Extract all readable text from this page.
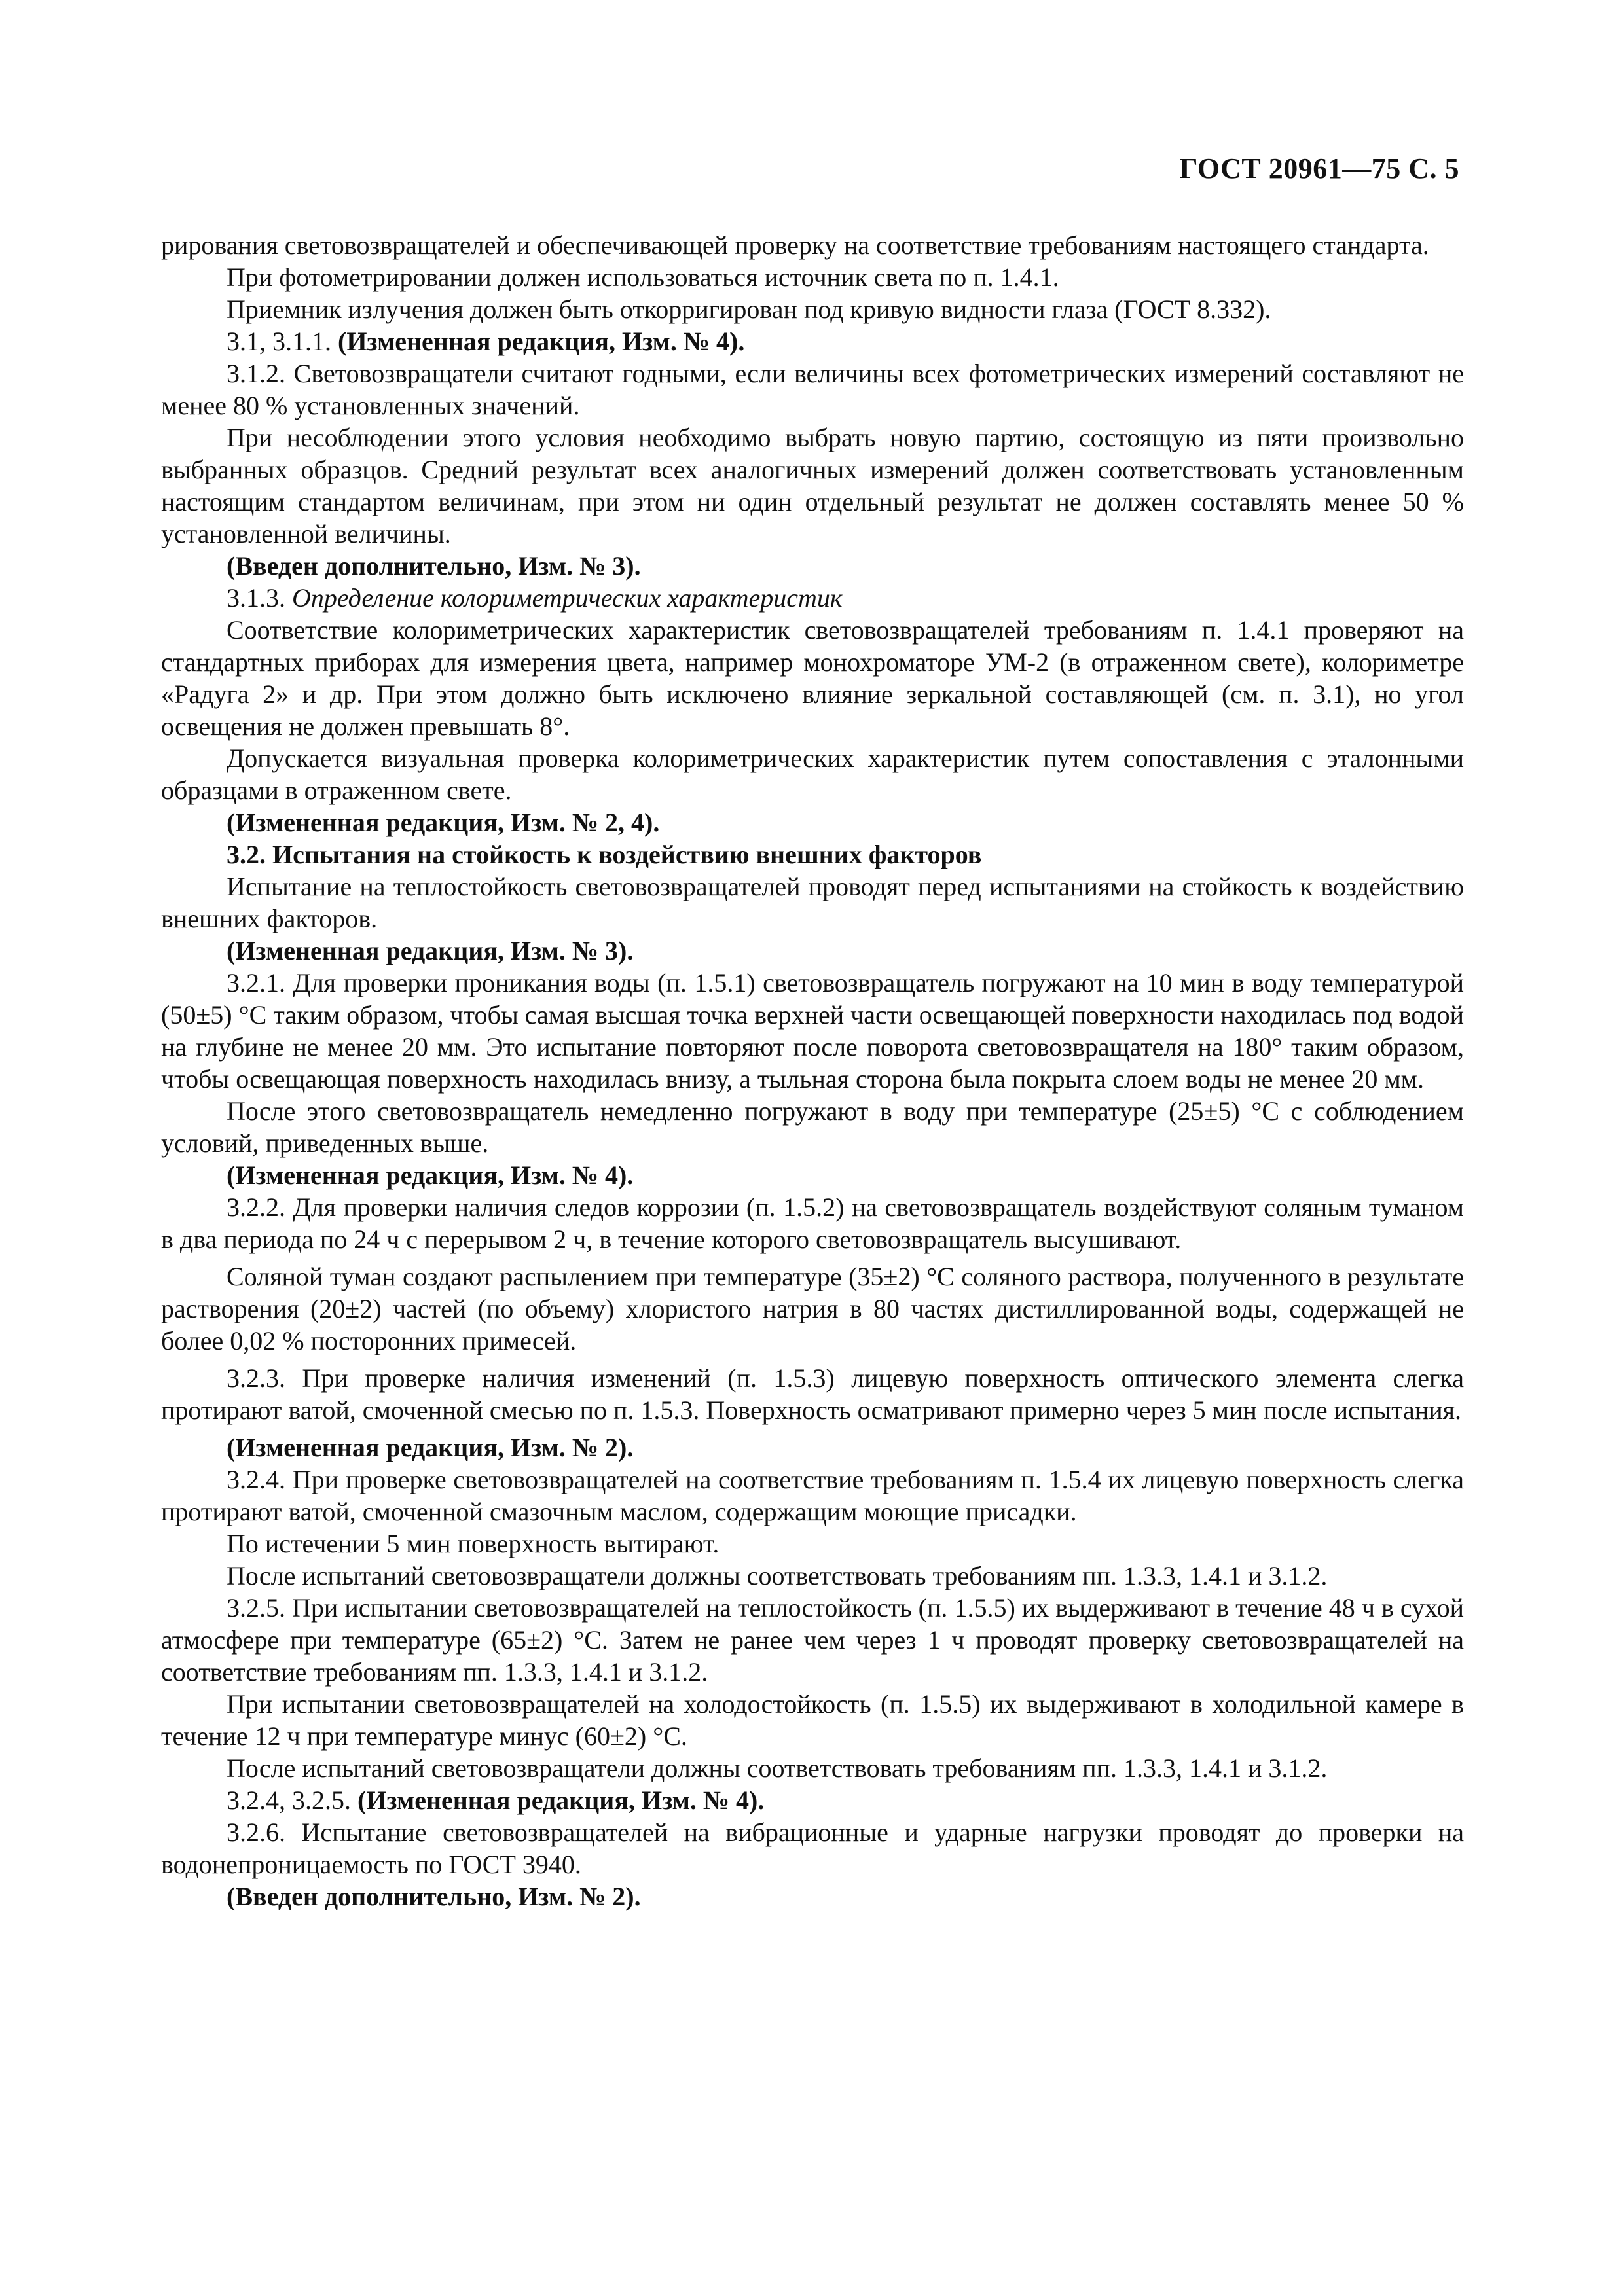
ГОСТ 20961—75 С. 5

рирования световозвращателей и обеспечивающей проверку на соответствие требованиям настоящего стандарта.

При фотометрировании должен использоваться источник света по п. 1.4.1.

Приемник излучения должен быть откорригирован под кривую видности глаза (ГОСТ 8.332).

3.1, 3.1.1. (Измененная редакция, Изм. № 4).

3.1.2. Световозвращатели считают годными, если величины всех фотометрических измерений составляют не менее 80 % установленных значений.

При несоблюдении этого условия необходимо выбрать новую партию, состоящую из пяти произвольно выбранных образцов. Средний результат всех аналогичных измерений должен соответствовать установленным настоящим стандартом величинам, при этом ни один отдельный результат не должен составлять менее 50 % установленной величины.

(Введен дополнительно, Изм. № 3).

3.1.3. Определение колориметрических характеристик

Соответствие колориметрических характеристик световозвращателей требованиям п. 1.4.1 проверяют на стандартных приборах для измерения цвета, например монохроматоре УМ-2 (в отраженном свете), колориметре «Радуга 2» и др. При этом должно быть исключено влияние зеркальной составляющей (см. п. 3.1), но угол освещения не должен превышать 8°.

Допускается визуальная проверка колориметрических характеристик путем сопоставления с эталонными образцами в отраженном свете.

(Измененная редакция, Изм. № 2, 4).

3.2. Испытания на стойкость к воздействию внешних факторов

Испытание на теплостойкость световозвращателей проводят перед испытаниями на стойкость к воздействию внешних факторов.

(Измененная редакция, Изм. № 3).

3.2.1. Для проверки проникания воды (п. 1.5.1) световозвращатель погружают на 10 мин в воду температурой (50±5) °С таким образом, чтобы самая высшая точка верхней части освещающей поверхности находилась под водой на глубине не менее 20 мм. Это испытание повторяют после поворота световозвращателя на 180° таким образом, чтобы освещающая поверхность находилась внизу, а тыльная сторона была покрыта слоем воды не менее 20 мм.

После этого световозвращатель немедленно погружают в воду при температуре (25±5) °С с соблюдением условий, приведенных выше.

(Измененная редакция, Изм. № 4).

3.2.2. Для проверки наличия следов коррозии (п. 1.5.2) на световозвращатель воздействуют соляным туманом в два периода по 24 ч с перерывом 2 ч, в течение которого световозвращатель высушивают.

Соляной туман создают распылением при температуре (35±2) °С соляного раствора, полученного в результате растворения (20±2) частей (по объему) хлористого натрия в 80 частях дистиллированной воды, содержащей не более 0,02 % посторонних примесей.

3.2.3. При проверке наличия изменений (п. 1.5.3) лицевую поверхность оптического элемента слегка протирают ватой, смоченной смесью по п. 1.5.3. Поверхность осматривают примерно через 5 мин после испытания.

(Измененная редакция, Изм. № 2).

3.2.4. При проверке световозвращателей на соответствие требованиям п. 1.5.4 их лицевую поверхность слегка протирают ватой, смоченной смазочным маслом, содержащим моющие присадки.

По истечении 5 мин поверхность вытирают.

После испытаний световозвращатели должны соответствовать требованиям пп. 1.3.3, 1.4.1 и 3.1.2.

3.2.5. При испытании световозвращателей на теплостойкость (п. 1.5.5) их выдерживают в течение 48 ч в сухой атмосфере при температуре (65±2) °С. Затем не ранее чем через 1 ч проводят проверку световозвращателей на соответствие требованиям пп. 1.3.3, 1.4.1 и 3.1.2.

При испытании световозвращателей на холодостойкость (п. 1.5.5) их выдерживают в холодильной камере в течение 12 ч при температуре минус (60±2) °С.

После испытаний световозвращатели должны соответствовать требованиям пп. 1.3.3, 1.4.1 и 3.1.2.

3.2.4, 3.2.5. (Измененная редакция, Изм. № 4).

3.2.6. Испытание световозвращателей на вибрационные и ударные нагрузки проводят до проверки на водонепроницаемость по ГОСТ 3940.

(Введен дополнительно, Изм. № 2).
